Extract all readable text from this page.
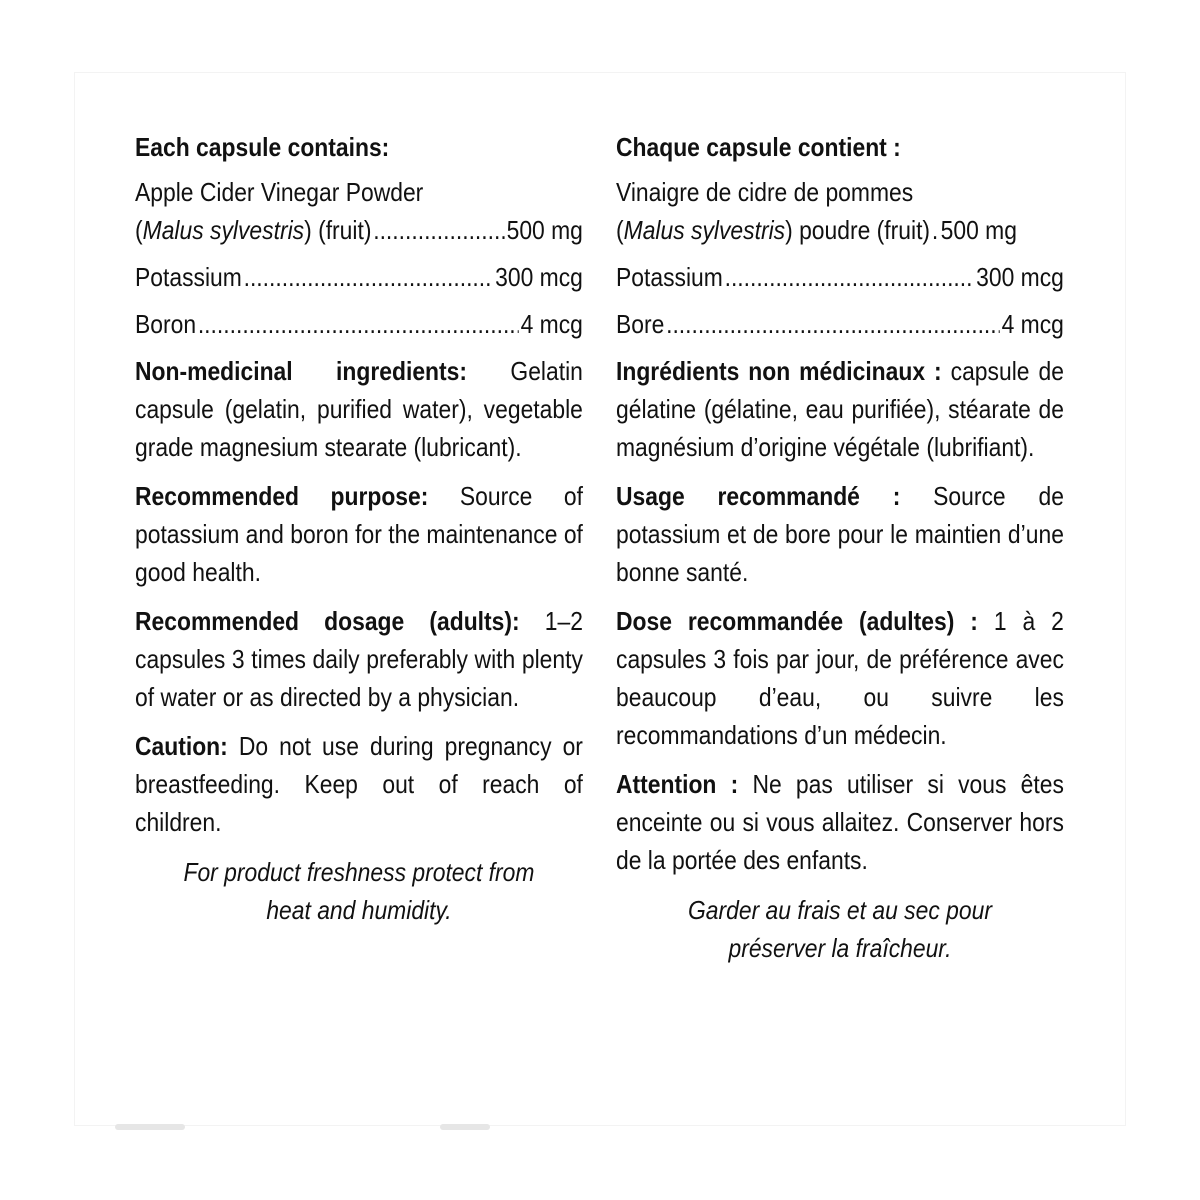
Each capsule contains:
Apple Cider Vinegar Powder
(Malus sylvestris) (fruit) .....	500 mg
Potassium .....	300 mcg
Boron .....	4 mcg

Non-medicinal ingredients: Gelatin capsule (gelatin, purified water), vegetable grade magnesium stearate (lubricant).

Recommended purpose: Source of potassium and boron for the maintenance of good health.

Recommended dosage (adults): 1–2 capsules 3 times daily preferably with plenty of water or as directed by a physician.

Caution: Do not use during pregnancy or breastfeeding. Keep out of reach of children.

For product freshness protect from heat and humidity.
Chaque capsule contient :
Vinaigre de cidre de pommes
(Malus sylvestris) poudre (fruit) ..... 500 mg
Potassium .....	300 mcg
Bore .....	4 mcg

Ingrédients non médicinaux : capsule de gélatine (gélatine, eau purifiée), stéarate de magnésium d’origine végétale (lubrifiant).

Usage recommandé : Source de potassium et de bore pour le maintien d’une bonne santé.

Dose recommandée (adultes) : 1 à 2 capsules 3 fois par jour, de préférence avec beaucoup d’eau, ou suivre les recommandations d’un médecin.

Attention : Ne pas utiliser si vous êtes enceinte ou si vous allaitez. Conserver hors de la portée des enfants.

Garder au frais et au sec pour préserver la fraîcheur.
